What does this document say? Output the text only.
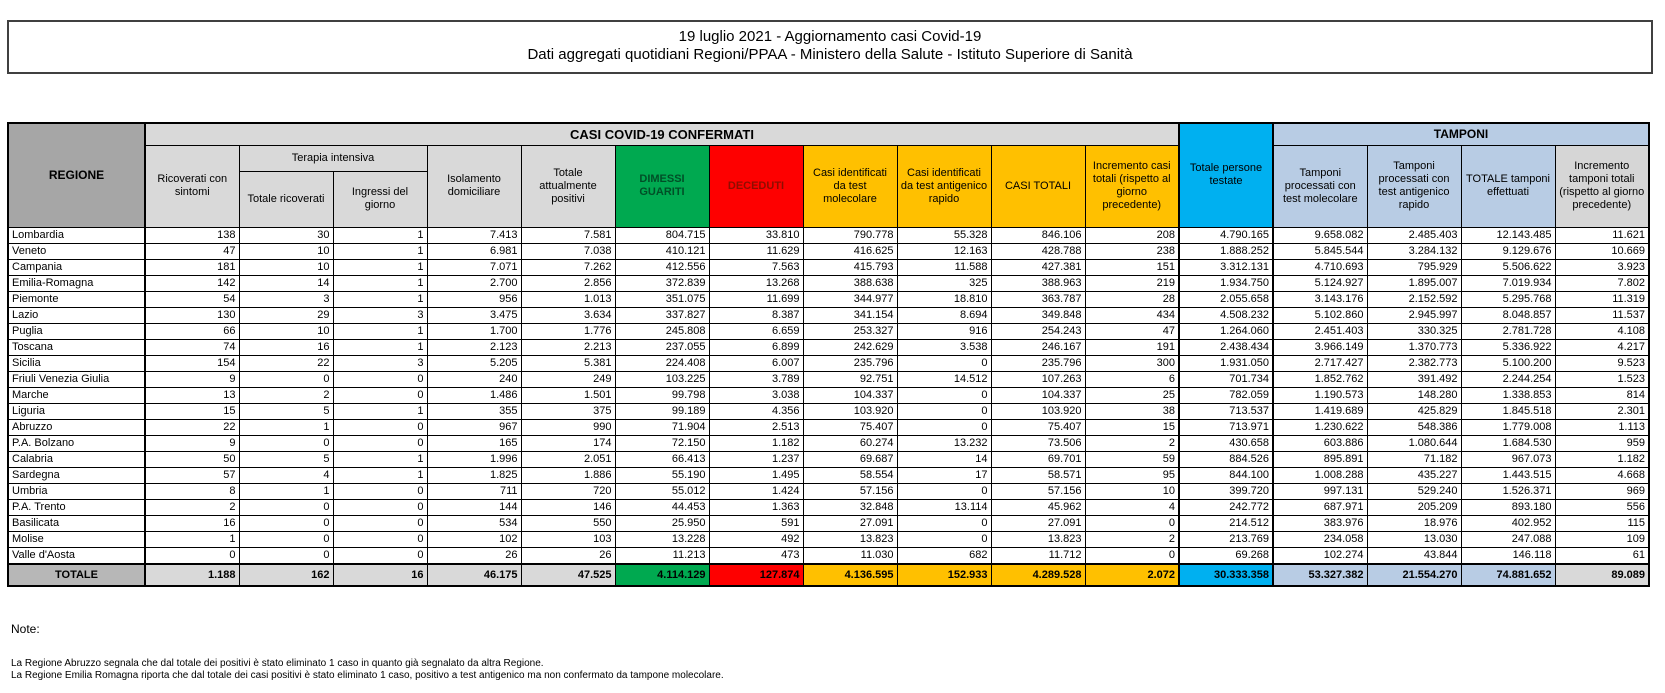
19 luglio 2021 - Aggiornamento casi Covid-19
Dati aggregati quotidiani Regioni/PPAA - Ministero della Salute - Istituto Superiore di Sanità
REGIONE	CASI COVID-19 CONFERMATI											Totale persone testate	TAMPONI			
	Ricoverati con sintomi	Terapia intensiva		Isolamento domiciliare	Totale attualmente positivi	DIMESSI GUARITI	DECEDUTI	Casi identificati da test molecolare	Casi identificati da test antigenico rapido	CASI TOTALI	Incremento casi totali (rispetto al giorno precedente)		Tamponi processati con test molecolare	Tamponi processati con test antigenico rapido	TOTALE tamponi effettuati	Incremento tamponi totali (rispetto al giorno precedente)
		Totale ricoverati	Ingressi del giorno													
Lombardia	138	30	1	7.413	7.581	804.715	33.810	790.778	55.328	846.106	208	4.790.165	9.658.082	2.485.403	12.143.485	11.621
Veneto	47	10	1	6.981	7.038	410.121	11.629	416.625	12.163	428.788	238	1.888.252	5.845.544	3.284.132	9.129.676	10.669
Campania	181	10	1	7.071	7.262	412.556	7.563	415.793	11.588	427.381	151	3.312.131	4.710.693	795.929	5.506.622	3.923
Emilia-Romagna	142	14	1	2.700	2.856	372.839	13.268	388.638	325	388.963	219	1.934.750	5.124.927	1.895.007	7.019.934	7.802
Piemonte	54	3	1	956	1.013	351.075	11.699	344.977	18.810	363.787	28	2.055.658	3.143.176	2.152.592	5.295.768	11.319
Lazio	130	29	3	3.475	3.634	337.827	8.387	341.154	8.694	349.848	434	4.508.232	5.102.860	2.945.997	8.048.857	11.537
Puglia	66	10	1	1.700	1.776	245.808	6.659	253.327	916	254.243	47	1.264.060	2.451.403	330.325	2.781.728	4.108
Toscana	74	16	1	2.123	2.213	237.055	6.899	242.629	3.538	246.167	191	2.438.434	3.966.149	1.370.773	5.336.922	4.217
Sicilia	154	22	3	5.205	5.381	224.408	6.007	235.796	0	235.796	300	1.931.050	2.717.427	2.382.773	5.100.200	9.523
Friuli Venezia Giulia	9	0	0	240	249	103.225	3.789	92.751	14.512	107.263	6	701.734	1.852.762	391.492	2.244.254	1.523
Marche	13	2	0	1.486	1.501	99.798	3.038	104.337	0	104.337	25	782.059	1.190.573	148.280	1.338.853	814
Liguria	15	5	1	355	375	99.189	4.356	103.920	0	103.920	38	713.537	1.419.689	425.829	1.845.518	2.301
Abruzzo	22	1	0	967	990	71.904	2.513	75.407	0	75.407	15	713.971	1.230.622	548.386	1.779.008	1.113
P.A. Bolzano	9	0	0	165	174	72.150	1.182	60.274	13.232	73.506	2	430.658	603.886	1.080.644	1.684.530	959
Calabria	50	5	1	1.996	2.051	66.413	1.237	69.687	14	69.701	59	884.526	895.891	71.182	967.073	1.182
Sardegna	57	4	1	1.825	1.886	55.190	1.495	58.554	17	58.571	95	844.100	1.008.288	435.227	1.443.515	4.668
Umbria	8	1	0	711	720	55.012	1.424	57.156	0	57.156	10	399.720	997.131	529.240	1.526.371	969
P.A. Trento	2	0	0	144	146	44.453	1.363	32.848	13.114	45.962	4	242.772	687.971	205.209	893.180	556
Basilicata	16	0	0	534	550	25.950	591	27.091	0	27.091	0	214.512	383.976	18.976	402.952	115
Molise	1	0	0	102	103	13.228	492	13.823	0	13.823	2	213.769	234.058	13.030	247.088	109
Valle d'Aosta	0	0	0	26	26	11.213	473	11.030	682	11.712	0	69.268	102.274	43.844	146.118	61
TOTALE	1.188	162	16	46.175	47.525	4.114.129	127.874	4.136.595	152.933	4.289.528	2.072	30.333.358	53.327.382	21.554.270	74.881.652	89.089

Note:

La Regione Abruzzo segnala che dal totale dei positivi è stato eliminato 1 caso in quanto già segnalato da altra Regione.

La Regione Emilia Romagna riporta che dal totale dei casi positivi è stato eliminato 1 caso, positivo a test antigenico ma non confermato da tampone molecolare.
